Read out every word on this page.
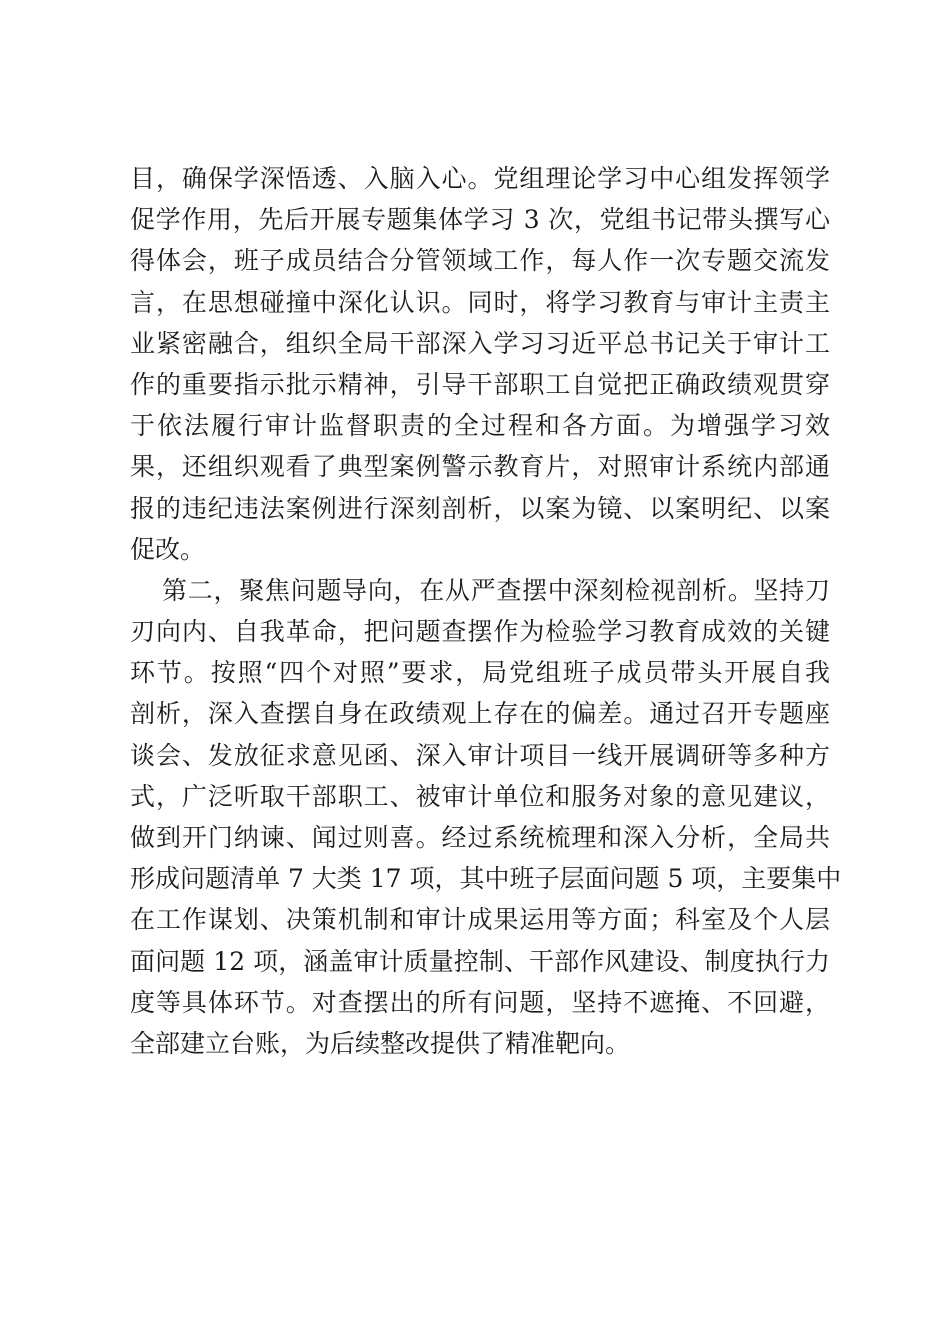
目，确保学深悟透、入脑入心。党组理论学习中心组发挥领学
促学作用，先后开展专题集体学习 3 次，党组书记带头撰写心
得体会，班子成员结合分管领域工作，每人作一次专题交流发
言，在思想碰撞中深化认识。同时，将学习教育与审计主责主
业紧密融合，组织全局干部深入学习习近平总书记关于审计工
作的重要指示批示精神，引导干部职工自觉把正确政绩观贯穿
于依法履行审计监督职责的全过程和各方面。为增强学习效
果，还组织观看了典型案例警示教育片，对照审计系统内部通
报的违纪违法案例进行深刻剖析，以案为镜、以案明纪、以案
促改。
第二，聚焦问题导向，在从严查摆中深刻检视剖析。坚持刀
刃向内、自我革命，把问题查摆作为检验学习教育成效的关键
环节。按照“四个对照”要求，局党组班子成员带头开展自我
剖析，深入查摆自身在政绩观上存在的偏差。通过召开专题座
谈会、发放征求意见函、深入审计项目一线开展调研等多种方
式，广泛听取干部职工、被审计单位和服务对象的意见建议，
做到开门纳谏、闻过则喜。经过系统梳理和深入分析，全局共
形成问题清单 7 大类 17 项，其中班子层面问题 5 项，主要集中
在工作谋划、决策机制和审计成果运用等方面；科室及个人层
面问题 12 项，涵盖审计质量控制、干部作风建设、制度执行力
度等具体环节。对查摆出的所有问题，坚持不遮掩、不回避，
全部建立台账，为后续整改提供了精准靶向。
